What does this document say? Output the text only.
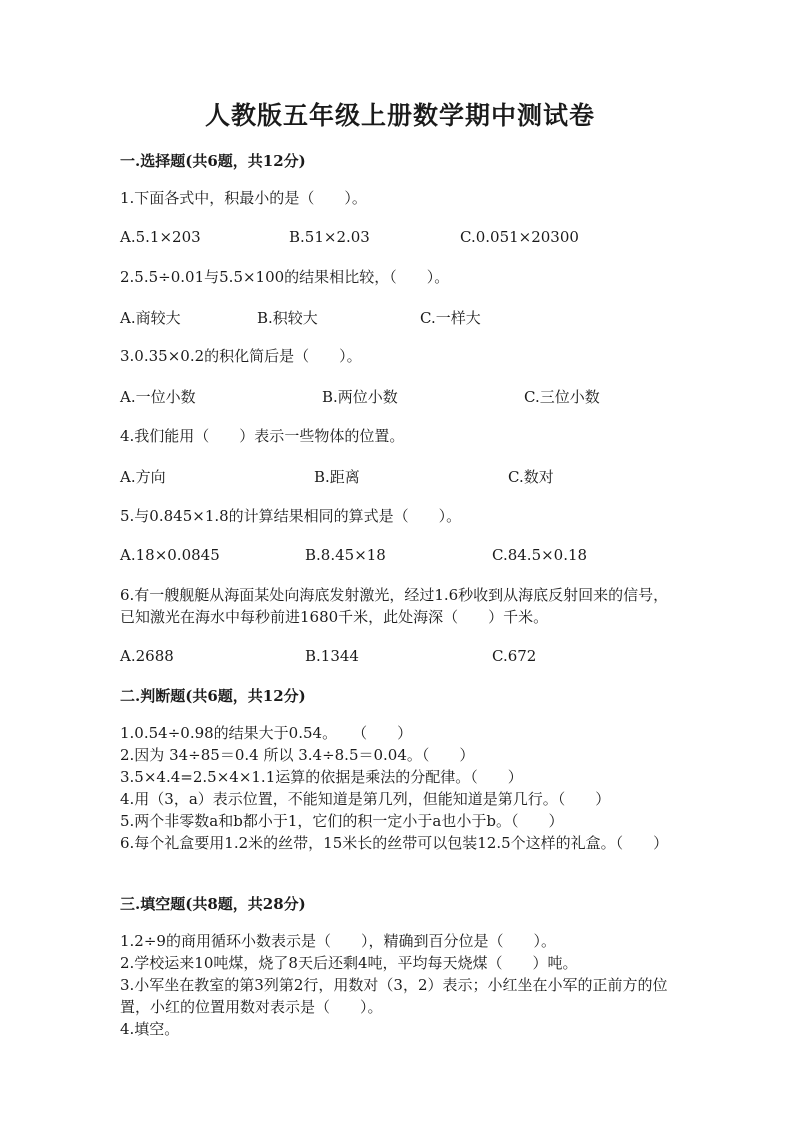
人教版五年级上册数学期中测试卷
一.选择题(共6题，共12分)
1.下面各式中，积最小的是（　　）。
A.5.1×203	B.51×2.03	C.0.051×20300
2.5.5÷0.01与5.5×100的结果相比较，（　　）。
A.商较大	B.积较大	C.一样大
3.0.35×0.2的积化简后是（　　）。
A.一位小数	B.两位小数	C.三位小数
4.我们能用（　　）表示一些物体的位置。
A.方向	B.距离	C.数对
5.与0.845×1.8的计算结果相同的算式是（　　）。
A.18×0.0845	B.8.45×18	C.84.5×0.18
6.有一艘舰艇从海面某处向海底发射激光，经过1.6秒收到从海底反射回来的信号，已知激光在海水中每秒前进1680千米，此处海深（　　）千米。
A.2688	B.1344	C.672
二.判断题(共6题，共12分)
1.0.54÷0.98的结果大于0.54。　　（　　）
2.因为 34÷85＝0.4 所以 3.4÷8.5＝0.04。（　　）
3.5×4.4=2.5×4×1.1运算的依据是乘法的分配律。（　　）
4.用（3，a）表示位置，不能知道是第几列，但能知道是第几行。（　　）
5.两个非零数a和b都小于1，它们的积一定小于a也小于b。（　　）
6.每个礼盒要用1.2米的丝带，15米长的丝带可以包装12.5个这样的礼盒。（　　）
三.填空题(共8题，共28分)
1.2÷9的商用循环小数表示是（　　），精确到百分位是（　　）。
2.学校运来10吨煤，烧了8天后还剩4吨，平均每天烧煤（　　）吨。
3.小军坐在教室的第3列第2行，用数对（3，2）表示；小红坐在小军的正前方的位置，小红的位置用数对表示是（　　）。
4.填空。
